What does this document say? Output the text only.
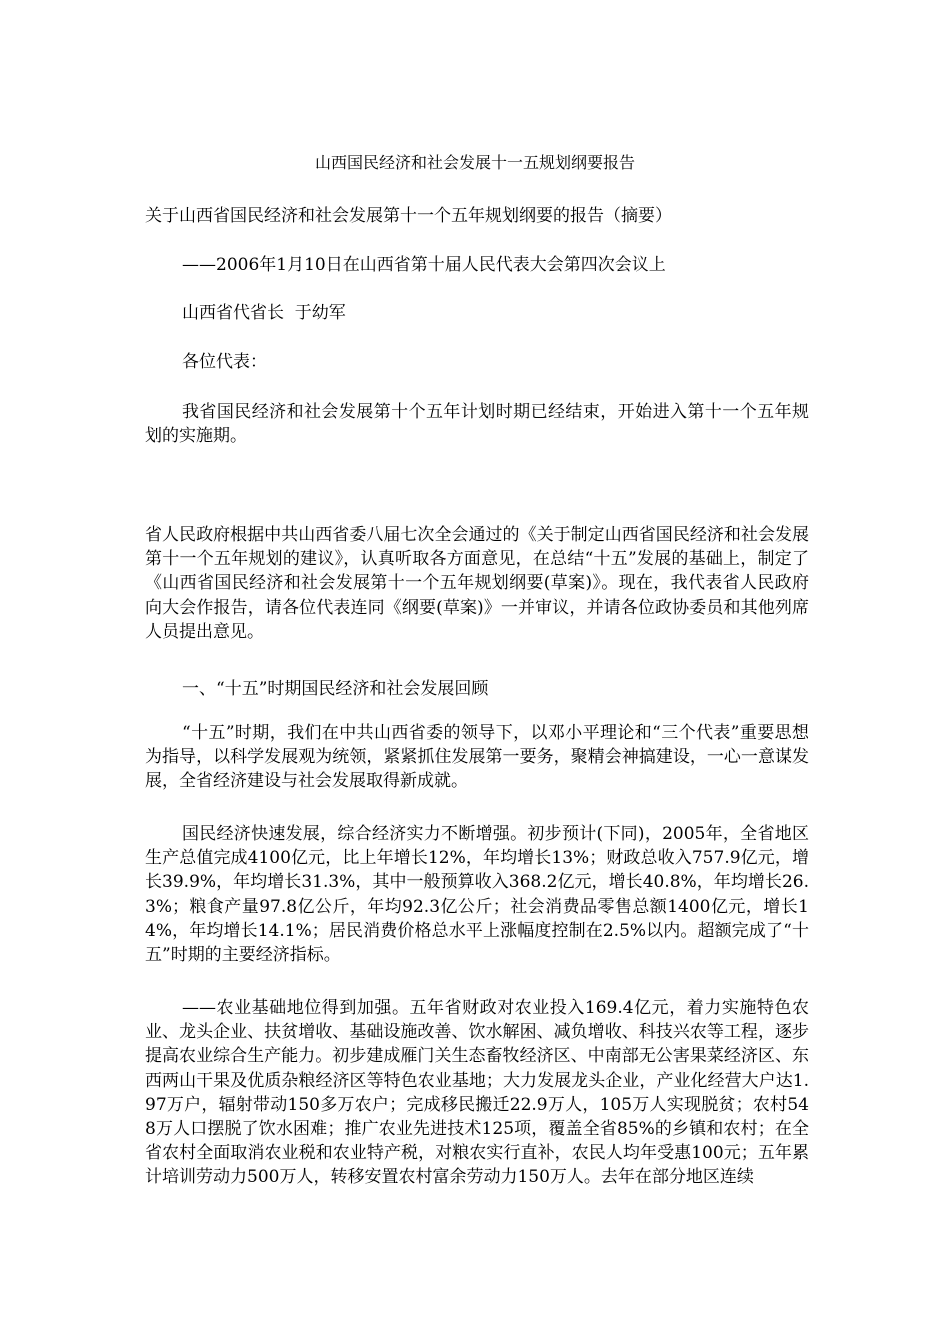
山西国民经济和社会发展十一五规划纲要报告
关于山西省国民经济和社会发展第十一个五年规划纲要的报告（摘要）
——2006年1月10日在山西省第十届人民代表大会第四次会议上
山西省代省长  于幼军
各位代表：
我省国民经济和社会发展第十个五年计划时期已经结束，开始进入第十一个五年规划的实施期。
省人民政府根据中共山西省委八届七次全会通过的《关于制定山西省国民经济和社会发展第十一个五年规划的建议》，认真听取各方面意见，在总结“十五”发展的基础上，制定了《山西省国民经济和社会发展第十一个五年规划纲要(草案)》。现在，我代表省人民政府向大会作报告，请各位代表连同《纲要(草案)》一并审议，并请各位政协委员和其他列席人员提出意见。
一、“十五”时期国民经济和社会发展回顾
“十五”时期，我们在中共山西省委的领导下，以邓小平理论和“三个代表”重要思想为指导，以科学发展观为统领，紧紧抓住发展第一要务，聚精会神搞建设，一心一意谋发展，全省经济建设与社会发展取得新成就。
国民经济快速发展，综合经济实力不断增强。初步预计(下同)，2005年，全省地区生产总值完成4100亿元，比上年增长12%，年均增长13%；财政总收入757.9亿元，增长39.9%，年均增长31.3%，其中一般预算收入368.2亿元，增长40.8%，年均增长26.3%；粮食产量97.8亿公斤，年均92.3亿公斤；社会消费品零售总额1400亿元，增长14%，年均增长14.1%；居民消费价格总水平上涨幅度控制在2.5%以内。超额完成了“十五”时期的主要经济指标。
——农业基础地位得到加强。五年省财政对农业投入169.4亿元，着力实施特色农业、龙头企业、扶贫增收、基础设施改善、饮水解困、减负增收、科技兴农等工程，逐步提高农业综合生产能力。初步建成雁门关生态畜牧经济区、中南部无公害果菜经济区、东西两山干果及优质杂粮经济区等特色农业基地；大力发展龙头企业，产业化经营大户达1.97万户，辐射带动150多万农户；完成移民搬迁22.9万人，105万人实现脱贫；农村548万人口摆脱了饮水困难；推广农业先进技术125项，覆盖全省85%的乡镇和农村；在全省农村全面取消农业税和农业特产税，对粮农实行直补，农民人均年受惠100元；五年累计培训劳动力500万人，转移安置农村富余劳动力150万人。去年在部分地区连续
